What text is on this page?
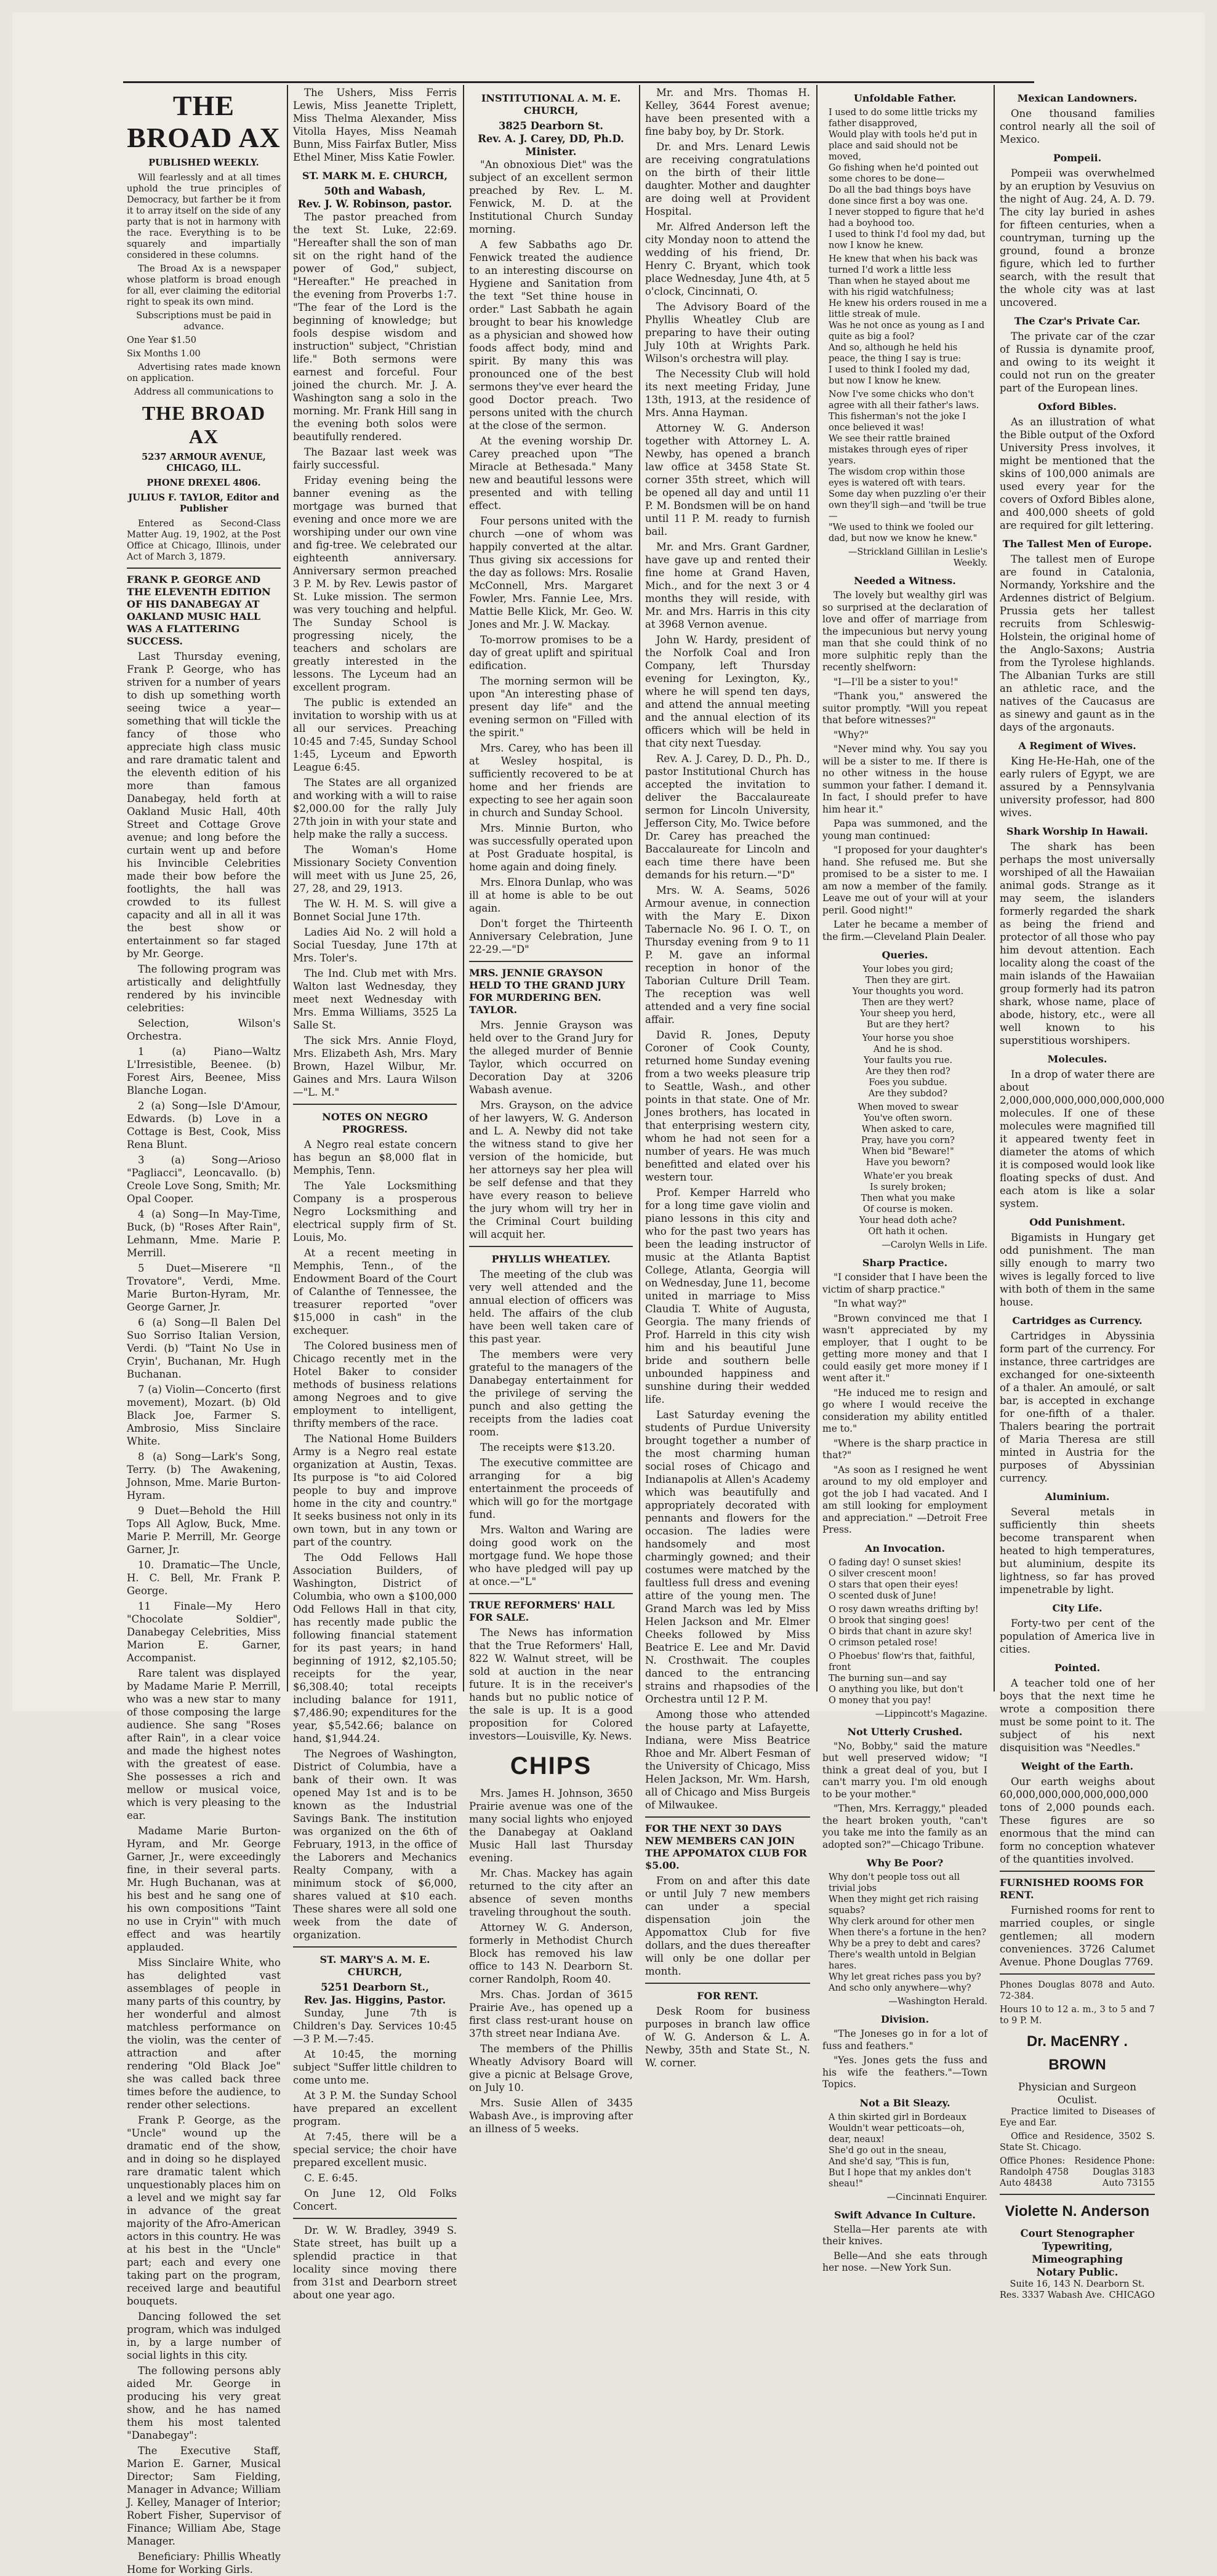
THE BROAD AX
PUBLISHED WEEKLY.

Will fearlessly and at all times uphold the true principles of Democracy, but farther be it from it to array itself on the side of any party that is not in harmony with the race. Everything is to be squarely and impartially considered in these columns.

The Broad Ax is a newspaper whose platform is broad enough for all, ever claiming the editorial right to speak its own mind.

Subscriptions must be paid in advance.

One Year $1.50

Six Months 1.00

Advertising rates made known on application.

Address all communications to

THE BROAD AX
5237 ARMOUR AVENUE, CHICAGO, ILL.
PHONE DREXEL 4806.
JULIUS F. TAYLOR, Editor and Publisher

Entered as Second-Class Matter Aug. 19, 1902, at the Post Office at Chicago, Illinois, under Act of March 3, 1879.

FRANK P. GEORGE AND THE ELEVENTH EDITION OF HIS DANABEGAY AT OAKLAND MUSIC HALL WAS A FLATTERING SUCCESS.

Last Thursday evening, Frank P. George, who has striven for a number of years to dish up something worth seeing twice a year—something that will tickle the fancy of those who appreciate high class music and rare dramatic talent and the eleventh edition of his more than famous Danabegay, held forth at Oakland Music Hall, 40th Street and Cottage Grove avenue; and long before the curtain went up and before his Invincible Celebrities made their bow before the footlights, the hall was crowded to its fullest capacity and all in all it was the best show or entertainment so far staged by Mr. George.

The following program was artistically and delightfully rendered by his invincible celebrities:

Selection, Wilson's Orchestra.

1 (a) Piano—Waltz L'Irresistible, Beenee. (b) Forest Airs, Beenee, Miss Blanche Logan.

2 (a) Song—Isle D'Amour, Edwards. (b) Love in a Cottage is Best, Cook, Miss Rena Blunt.

3 (a) Song—Arioso "Pagliacci", Leoncavallo. (b) Creole Love Song, Smith; Mr. Opal Cooper.

4 (a) Song—In May-Time, Buck, (b) "Roses After Rain", Lehmann, Mme. Marie P. Merrill.

5 Duet—Miserere "Il Trovatore", Verdi, Mme. Marie Burton-Hyram, Mr. George Garner, Jr.

6 (a) Song—Il Balen Del Suo Sorriso Italian Version, Verdi. (b) "Taint No Use in Cryin', Buchanan, Mr. Hugh Buchanan.

7 (a) Violin—Concerto (first movement), Mozart. (b) Old Black Joe, Farmer S. Ambrosio, Miss Sinclaire White.

8 (a) Song—Lark's Song, Terry. (b) The Awakening, Johnson, Mme. Marie Burton-Hyram.

9 Duet—Behold the Hill Tops All Aglow, Buck, Mme. Marie P. Merrill, Mr. George Garner, Jr.

10. Dramatic—The Uncle, H. C. Bell, Mr. Frank P. George.

11 Finale—My Hero "Chocolate Soldier", Danabegay Celebrities, Miss Marion E. Garner, Accompanist.

Rare talent was displayed by Madame Marie P. Merrill, who was a new star to many of those composing the large audience. She sang "Roses after Rain", in a clear voice and made the highest notes with the greatest of ease. She possesses a rich and mellow or musical voice, which is very pleasing to the ear.

Madame Marie Burton-Hyram, and Mr. George Garner, Jr., were exceedingly fine, in their several parts. Mr. Hugh Buchanan, was at his best and he sang one of his own compositions "Taint no use in Cryin'" with much effect and was heartily applauded.

Miss Sinclaire White, who has delighted vast assemblages of people in many parts of this country, by her wonderful and almost matchless performance on the violin, was the center of attraction and after rendering "Old Black Joe" she was called back three times before the audience, to render other selections.

Frank P. George, as the "Uncle" wound up the dramatic end of the show, and in doing so he displayed rare dramatic talent which unquestionably places him on a level and we might say far in advance of the great majority of the Afro-American actors in this country. He was at his best in the "Uncle" part; each and every one taking part on the program, received large and beautiful bouquets.

Dancing followed the set program, which was indulged in, by a large number of social lights in this city.

The following persons ably aided Mr. George in producing his very great show, and he has named them his most talented "Danabegay":

The Executive Staff, Marion E. Garner, Musical Director; Sam Fielding, Manager in Advance; William J. Kelley, Manager of Interior; Robert Fisher, Supervisor of Finance; William Abe, Stage Manager.

Beneficiary: Phillis Wheatly Home for Working Girls.

The Ushers, Miss Ferris Lewis, Miss Jeanette Triplett, Miss Thelma Alexander, Miss Vitolla Hayes, Miss Neamah Bunn, Miss Fairfax Butler, Miss Ethel Miner, Miss Katie Fowler.

ST. MARK M. E. CHURCH,
50th and Wabash,
Rev. J. W. Robinson, pastor.

The pastor preached from the text St. Luke, 22:69. "Hereafter shall the son of man sit on the right hand of the power of God," subject, "Hereafter." He preached in the evening from Proverbs 1:7. "The fear of the Lord is the beginning of knowledge; but fools despise wisdom and instruction" subject, "Christian life." Both sermons were earnest and forceful. Four joined the church. Mr. J. A. Washington sang a solo in the morning. Mr. Frank Hill sang in the evening both solos were beautifully rendered.

The Bazaar last week was fairly successful.

Friday evening being the banner evening as the mortgage was burned that evening and once more we are worshiping under our own vine and fig-tree. We celebrated our eighteenth anniversary. Anniversary sermon preached 3 P. M. by Rev. Lewis pastor of St. Luke mission. The sermon was very touching and helpful. The Sunday School is progressing nicely, the teachers and scholars are greatly interested in the lessons. The Lyceum had an excellent program.

The public is extended an invitation to worship with us at all our services. Preaching 10:45 and 7:45, Sunday School 1:45, Lyceum and Epworth League 6:45.

The States are all organized and working with a will to raise $2,000.00 for the rally July 27th join in with your state and help make the rally a success.

The Woman's Home Missionary Society Convention will meet with us June 25, 26, 27, 28, and 29, 1913.

The W. H. M. S. will give a Bonnet Social June 17th.

Ladies Aid No. 2 will hold a Social Tuesday, June 17th at Mrs. Toler's.

The Ind. Club met with Mrs. Walton last Wednesday, they meet next Wednesday with Mrs. Emma Williams, 3525 La Salle St.

The sick Mrs. Annie Floyd, Mrs. Elizabeth Ash, Mrs. Mary Brown, Hazel Wilbur, Mr. Gaines and Mrs. Laura Wilson—"L. M."

NOTES ON NEGRO PROGRESS.

A Negro real estate concern has begun an $8,000 flat in Memphis, Tenn.

The Yale Locksmithing Company is a prosperous Negro Locksmithing and electrical supply firm of St. Louis, Mo.

At a recent meeting in Memphis, Tenn., of the Endowment Board of the Court of Calanthe of Tennessee, the treasurer reported "over $15,000 in cash" in the exchequer.

The Colored business men of Chicago recently met in the Hotel Baker to consider methods of business relations among Negroes and to give employment to intelligent, thrifty members of the race.

The National Home Builders Army is a Negro real estate organization at Austin, Texas. Its purpose is "to aid Colored people to buy and improve home in the city and country." It seeks business not only in its own town, but in any town or part of the country.

The Odd Fellows Hall Association Builders, of Washington, District of Columbia, who own a $100,000 Odd Fellows Hall in that city, has recently made public the following financial statement for its past years; in hand beginning of 1912, $2,105.50; receipts for the year, $6,308.40; total receipts including balance for 1911, $7,486.90; expenditures for the year, $5,542.66; balance on hand, $1,944.24.

The Negroes of Washington, District of Columbia, have a bank of their own. It was opened May 1st and is to be known as the Industrial Savings Bank. The institution was organized on the 6th of February, 1913, in the office of the Laborers and Mechanics Realty Company, with a minimum stock of $6,000, shares valued at $10 each. These shares were all sold one week from the date of organization.

ST. MARY'S A. M. E. CHURCH,
5251 Dearborn St.,
Rev. Jas. Higgins, Pastor.

Sunday, June 7th is Children's Day. Services 10:45—3 P. M.—7:45.

At 10:45, the morning subject "Suffer little children to come unto me.

At 3 P. M. the Sunday School have prepared an excellent program.

At 7:45, there will be a special service; the choir have prepared excellent music.

C. E. 6:45.

On June 12, Old Folks Concert.

Dr. W. W. Bradley, 3949 S. State street, has built up a splendid practice in that locality since moving there from 31st and Dearborn street about one year ago.

INSTITUTIONAL A. M. E. CHURCH,
3825 Dearborn St.
Rev. A. J. Carey, DD, Ph.D. Minister.

"An obnoxious Diet" was the subject of an excellent sermon preached by Rev. L. M. Fenwick, M. D. at the Institutional Church Sunday morning.

A few Sabbaths ago Dr. Fenwick treated the audience to an interesting discourse on Hygiene and Sanitation from the text "Set thine house in order." Last Sabbath he again brought to bear his knowledge as a physician and showed how foods affect body, mind and spirit. By many this was pronounced one of the best sermons they've ever heard the good Doctor preach. Two persons united with the church at the close of the sermon.

At the evening worship Dr. Carey preached upon "The Miracle at Bethesada." Many new and beautiful lessons were presented and with telling effect.

Four persons united with the church —one of whom was happily converted at the altar. Thus giving six accessions for the day as follows: Mrs. Rosalie McConnell, Mrs. Margaret Fowler, Mrs. Fannie Lee, Mrs. Mattie Belle Klick, Mr. Geo. W. Jones and Mr. J. W. Mackay.

To-morrow promises to be a day of great uplift and spiritual edification.

The morning sermon will be upon "An interesting phase of present day life" and the evening sermon on "Filled with the spirit."

Mrs. Carey, who has been ill at Wesley hospital, is sufficiently recovered to be at home and her friends are expecting to see her again soon in church and Sunday School.

Mrs. Minnie Burton, who was successfully operated upon at Post Graduate hospital, is home again and doing finely.

Mrs. Elnora Dunlap, who was ill at home is able to be out again.

Don't forget the Thirteenth Anniversary Celebration, June 22-29.—"D"

MRS. JENNIE GRAYSON HELD TO THE GRAND JURY FOR MURDERING BEN. TAYLOR.

Mrs. Jennie Grayson was held over to the Grand Jury for the alleged murder of Bennie Taylor, which occurred on Decoration Day at 3206 Wabash avenue.

Mrs. Grayson, on the advice of her lawyers, W. G. Anderson and L. A. Newby did not take the witness stand to give her version of the homicide, but her attorneys say her plea will be self defense and that they have every reason to believe the jury whom will try her in the Criminal Court building will acquit her.

PHYLLIS WHEATLEY.

The meeting of the club was very well attended and the annual election of officers was held. The affairs of the club have been well taken care of this past year.

The members were very grateful to the managers of the Danabegay entertainment for the privilege of serving the punch and also getting the receipts from the ladies coat room.

The receipts were $13.20.

The executive committee are arranging for a big entertainment the proceeds of which will go for the mortgage fund.

Mrs. Walton and Waring are doing good work on the mortgage fund. We hope those who have pledged will pay up at once.—"L"

TRUE REFORMERS' HALL FOR SALE.

The News has information that the True Reformers' Hall, 822 W. Walnut street, will be sold at auction in the near future. It is in the receiver's hands but no public notice of the sale is up. It is a good proposition for Colored investors—Louisville, Ky. News.

CHIPS

Mrs. James H. Johnson, 3650 Prairie avenue was one of the many social lights who enjoyed the Danabegay at Oakland Music Hall last Thursday evening.

Mr. Chas. Mackey has again returned to the city after an absence of seven months traveling throughout the south.

Attorney W. G. Anderson, formerly in Methodist Church Block has removed his law office to 143 N. Dearborn St. corner Randolph, Room 40.

Mrs. Chas. Jordan of 3615 Prairie Ave., has opened up a first class rest-urant house on 37th street near Indiana Ave.

The members of the Phillis Wheatly Advisory Board will give a picnic at Belsage Grove, on July 10.

Mrs. Susie Allen of 3435 Wabash Ave., is improving after an illness of 5 weeks.

Mr. and Mrs. Thomas H. Kelley, 3644 Forest avenue; have been presented with a fine baby boy, by Dr. Stork.

Dr. and Mrs. Lenard Lewis are receiving congratulations on the birth of their little daughter. Mother and daughter are doing well at Provident Hospital.

Mr. Alfred Anderson left the city Monday noon to attend the wedding of his friend, Dr. Henry C. Bryant, which took place Wednesday, June 4th, at 5 o'clock, Cincinnati, O.

The Advisory Board of the Phyllis Wheatley Club are preparing to have their outing July 10th at Wrights Park. Wilson's orchestra will play.

The Necessity Club will hold its next meeting Friday, June 13th, 1913, at the residence of Mrs. Anna Hayman.

Attorney W. G. Anderson together with Attorney L. A. Newby, has opened a branch law office at 3458 State St. corner 35th street, which will be opened all day and until 11 P. M. Bondsmen will be on hand until 11 P. M. ready to furnish bail.

Mr. and Mrs. Grant Gardner, have gave up and rented their fine home at Grand Haven, Mich., and for the next 3 or 4 months they will reside, with Mr. and Mrs. Harris in this city at 3968 Vernon avenue.

John W. Hardy, president of the Norfolk Coal and Iron Company, left Thursday evening for Lexington, Ky., where he will spend ten days, and attend the annual meeting and the annual election of its officers which will be held in that city next Tuesday.

Rev. A. J. Carey, D. D., Ph. D., pastor Institutional Church has accepted the invitation to deliver the Baccalaureate sermon for Lincoln University, Jefferson City, Mo. Twice before Dr. Carey has preached the Baccalaureate for Lincoln and each time there have been demands for his return.—"D"

Mrs. W. A. Seams, 5026 Armour avenue, in connection with the Mary E. Dixon Tabernacle No. 96 I. O. T., on Thursday evening from 9 to 11 P. M. gave an informal reception in honor of the Taborian Culture Drill Team. The reception was well attended and a very fine social affair.

David R. Jones, Deputy Coroner of Cook County, returned home Sunday evening from a two weeks pleasure trip to Seattle, Wash., and other points in that state. One of Mr. Jones brothers, has located in that enterprising western city, whom he had not seen for a number of years. He was much benefitted and elated over his western tour.

Prof. Kemper Harreld who for a long time gave violin and piano lessons in this city and who for the past two years has been the leading instructor of music at the Atlanta Baptist College, Atlanta, Georgia will on Wednesday, June 11, become united in marriage to Miss Claudia T. White of Augusta, Georgia. The many friends of Prof. Harreld in this city wish him and his beautiful June bride and southern belle unbounded happiness and sunshine during their wedded life.

Last Saturday evening the students of Purdue University brought together a number of the most charming human social roses of Chicago and Indianapolis at Allen's Academy which was beautifully and appropriately decorated with pennants and flowers for the occasion. The ladies were handsomely and most charmingly gowned; and their costumes were matched by the faultless full dress and evening attire of the young men. The Grand March was led by Miss Helen Jackson and Mr. Elmer Cheeks followed by Miss Beatrice E. Lee and Mr. David N. Crosthwait. The couples danced to the entrancing strains and rhapsodies of the Orchestra until 12 P. M.

Among those who attended the house party at Lafayette, Indiana, were Miss Beatrice Rhoe and Mr. Albert Fesman of the University of Chicago, Miss Helen Jackson, Mr. Wm. Harsh, all of Chicago and Miss Burgeis of Milwaukee.

FOR THE NEXT 30 DAYS NEW MEMBERS CAN JOIN THE APPOMATOX CLUB FOR $5.00.

From on and after this date or until July 7 new members can under a special dispensation join the Appomattox Club for five dollars, and the dues thereafter will only be one dollar per month.

FOR RENT.

Desk Room for business purposes in branch law office of W. G. Anderson & L. A. Newby, 35th and State St., N. W. corner.

Unfoldable Father.

I used to do some little tricks my father disapproved,
Would play with tools he'd put in place and said should not be moved,
Go fishing when he'd pointed out some chores to be done—
Do all the bad things boys have done since first a boy was one.
I never stopped to figure that he'd had a boyhood too.
I used to think I'd fool my dad, but now I know he knew.

He knew that when his back was turned I'd work a little less
Than when he stayed about me with his rigid watchfulness;
He knew his orders roused in me a little streak of mule.
Was he not once as young as I and quite as big a fool?
And so, although he held his peace, the thing I say is true:
I used to think I fooled my dad, but now I know he knew.

Now I've some chicks who don't agree with all their father's laws.
This fisherman's not the joke I once believed it was!
We see their rattle brained mistakes through eyes of riper years.
The wisdom crop within those eyes is watered oft with tears.
Some day when puzzling o'er their own they'll sigh—and 'twill be true—
"We used to think we fooled our dad, but now we know he knew."

—Strickland Gillilan in Leslie's Weekly.

Needed a Witness.

The lovely but wealthy girl was so surprised at the declaration of love and offer of marriage from the impecunious but nervy young man that she could think of no more sulphitic reply than the recently shelfworn:

"I—I'll be a sister to you!"

"Thank you," answered the suitor promptly. "Will you repeat that before witnesses?"

"Why?"

"Never mind why. You say you will be a sister to me. If there is no other witness in the house summon your father. I demand it. In fact, I should prefer to have him hear it."

Papa was summoned, and the young man continued:

"I proposed for your daughter's hand. She refused me. But she promised to be a sister to me. I am now a member of the family. Leave me out of your will at your peril. Good night!"

Later he became a member of the firm.—Cleveland Plain Dealer.

Queries.

Your lobes you gird;
Then they are girt.
Your thoughts you word.
Then are they wert?
Your sheep you herd,
But are they hert?

Your horse you shoe
And he is shod.
Your faults you rue.
Are they then rod?
Foes you subdue.
Are they subdod?

When moved to swear
You've often sworn.
When asked to care,
Pray, have you corn?
When bid "Beware!"
Have you beworn?

Whate'er you break
Is surely broken;
Then what you make
Of course is moken.
Your head doth ache?
Oft hath it ochen.

—Carolyn Wells in Life.

Sharp Practice.

"I consider that I have been the victim of sharp practice."

"In what way?"

"Brown convinced me that I wasn't appreciated by my employer, that I ought to be getting more money and that I could easily get more money if I went after it."

"He induced me to resign and go where I would receive the consideration my ability entitled me to."

"Where is the sharp practice in that?"

"As soon as I resigned he went around to my old employer and got the job I had vacated. And I am still looking for employment and appreciation." —Detroit Free Press.

An Invocation.

O fading day! O sunset skies!
O silver crescent moon!
O stars that open their eyes!
O scented dusk of June!

O rosy dawn wreaths drifting by!
O brook that singing goes!
O birds that chant in azure sky!
O crimson petaled rose!

O Phoebus' flow'rs that, faithful, front
The burning sun—and say
O anything you like, but don't
O money that you pay!

—Lippincott's Magazine.

Not Utterly Crushed.

"No, Bobby," said the mature but well preserved widow; "I think a great deal of you, but I can't marry you. I'm old enough to be your mother."

"Then, Mrs. Kerraggy," pleaded the heart broken youth, "can't you take me into the family as an adopted son?"—Chicago Tribune.

Why Be Poor?

Why don't people toss out all trivial jobs
When they might get rich raising squabs?
Why clerk around for other men
When there's a fortune in the hen?
Why be a prey to debt and cares?
There's wealth untold in Belgian hares.
Why let great riches pass you by?
And scho only anywhere—why?

—Washington Herald.

Division.

"The Joneses go in for a lot of fuss and feathers."

"Yes. Jones gets the fuss and his wife the feathers."—Town Topics.

Not a Bit Sleazy.

A thin skirted girl in Bordeaux
Wouldn't wear petticoats—oh, dear, neaux!
She'd go out in the sneau,
And she'd say, "This is fun,
But I hope that my ankles don't sheau!"

—Cincinnati Enquirer.

Swift Advance In Culture.

Stella—Her parents ate with their knives.

Belle—And she eats through her nose. —New York Sun.

Mexican Landowners.

One thousand families control nearly all the soil of Mexico.

Pompeii.

Pompeii was overwhelmed by an eruption by Vesuvius on the night of Aug. 24, A. D. 79. The city lay buried in ashes for fifteen centuries, when a countryman, turning up the ground, found a bronze figure, which led to further search, with the result that the whole city was at last uncovered.

The Czar's Private Car.

The private car of the czar of Russia is dynamite proof, and owing to its weight it could not run on the greater part of the European lines.

Oxford Bibles.

As an illustration of what the Bible output of the Oxford University Press involves, it might be mentioned that the skins of 100,000 animals are used every year for the covers of Oxford Bibles alone, and 400,000 sheets of gold are required for gilt lettering.

The Tallest Men of Europe.

The tallest men of Europe are found in Catalonia, Normandy, Yorkshire and the Ardennes district of Belgium. Prussia gets her tallest recruits from Schleswig-Holstein, the original home of the Anglo-Saxons; Austria from the Tyrolese highlands. The Albanian Turks are still an athletic race, and the natives of the Caucasus are as sinewy and gaunt as in the days of the argonauts.

A Regiment of Wives.

King He-He-Hah, one of the early rulers of Egypt, we are assured by a Pennsylvania university professor, had 800 wives.

Shark Worship In Hawaii.

The shark has been perhaps the most universally worshiped of all the Hawaiian animal gods. Strange as it may seem, the islanders formerly regarded the shark as being the friend and protector of all those who pay him devout attention. Each locality along the coast of the main islands of the Hawaiian group formerly had its patron shark, whose name, place of abode, history, etc., were all well known to his superstitious worshipers.

Molecules.

In a drop of water there are about 2,000,000,000,000,000,000,000 molecules. If one of these molecules were magnified till it appeared twenty feet in diameter the atoms of which it is composed would look like floating specks of dust. And each atom is like a solar system.

Odd Punishment.

Bigamists in Hungary get odd punishment. The man silly enough to marry two wives is legally forced to live with both of them in the same house.

Cartridges as Currency.

Cartridges in Abyssinia form part of the currency. For instance, three cartridges are exchanged for one-sixteenth of a thaler. An amoulé, or salt bar, is accepted in exchange for one-fifth of a thaler. Thalers bearing the portrait of Maria Theresa are still minted in Austria for the purposes of Abyssinian currency.

Aluminium.

Several metals in sufficiently thin sheets become transparent when heated to high temperatures, but aluminium, despite its lightness, so far has proved impenetrable by light.

City Life.

Forty-two per cent of the population of America live in cities.

Pointed.

A teacher told one of her boys that the next time he wrote a composition there must be some point to it. The subject of his next disquisition was "Needles."

Weight of the Earth.

Our earth weighs about 60,000,000,000,000,000,000 tons of 2,000 pounds each. These figures are so enormous that the mind can form no conception whatever of the quantities involved.

FURNISHED ROOMS FOR RENT.

Furnished rooms for rent to married couples, or single gentlemen; all modern conveniences. 3726 Calumet Avenue. Phone Douglas 7769.

Phones Douglas 8078 and Auto. 72-384.

Hours 10 to 12 a. m., 3 to 5 and 7 to 9 P. M.

Dr. MacENRY . BROWN
Physician and Surgeon
Oculist.

Practice limited to Diseases of Eye and Ear.

Office and Residence, 3502 S. State St. Chicago.

Office Phones: Residence Phone:
Randolph 4758	Douglas 3183
Auto 48438	Auto 73155
Violette N. Anderson
Court Stenographer
Typewriting, Mimeographing
Notary Public.
Suite 16, 143 N. Dearborn St.
Res. 3337 Wabash Ave. CHICAGO
